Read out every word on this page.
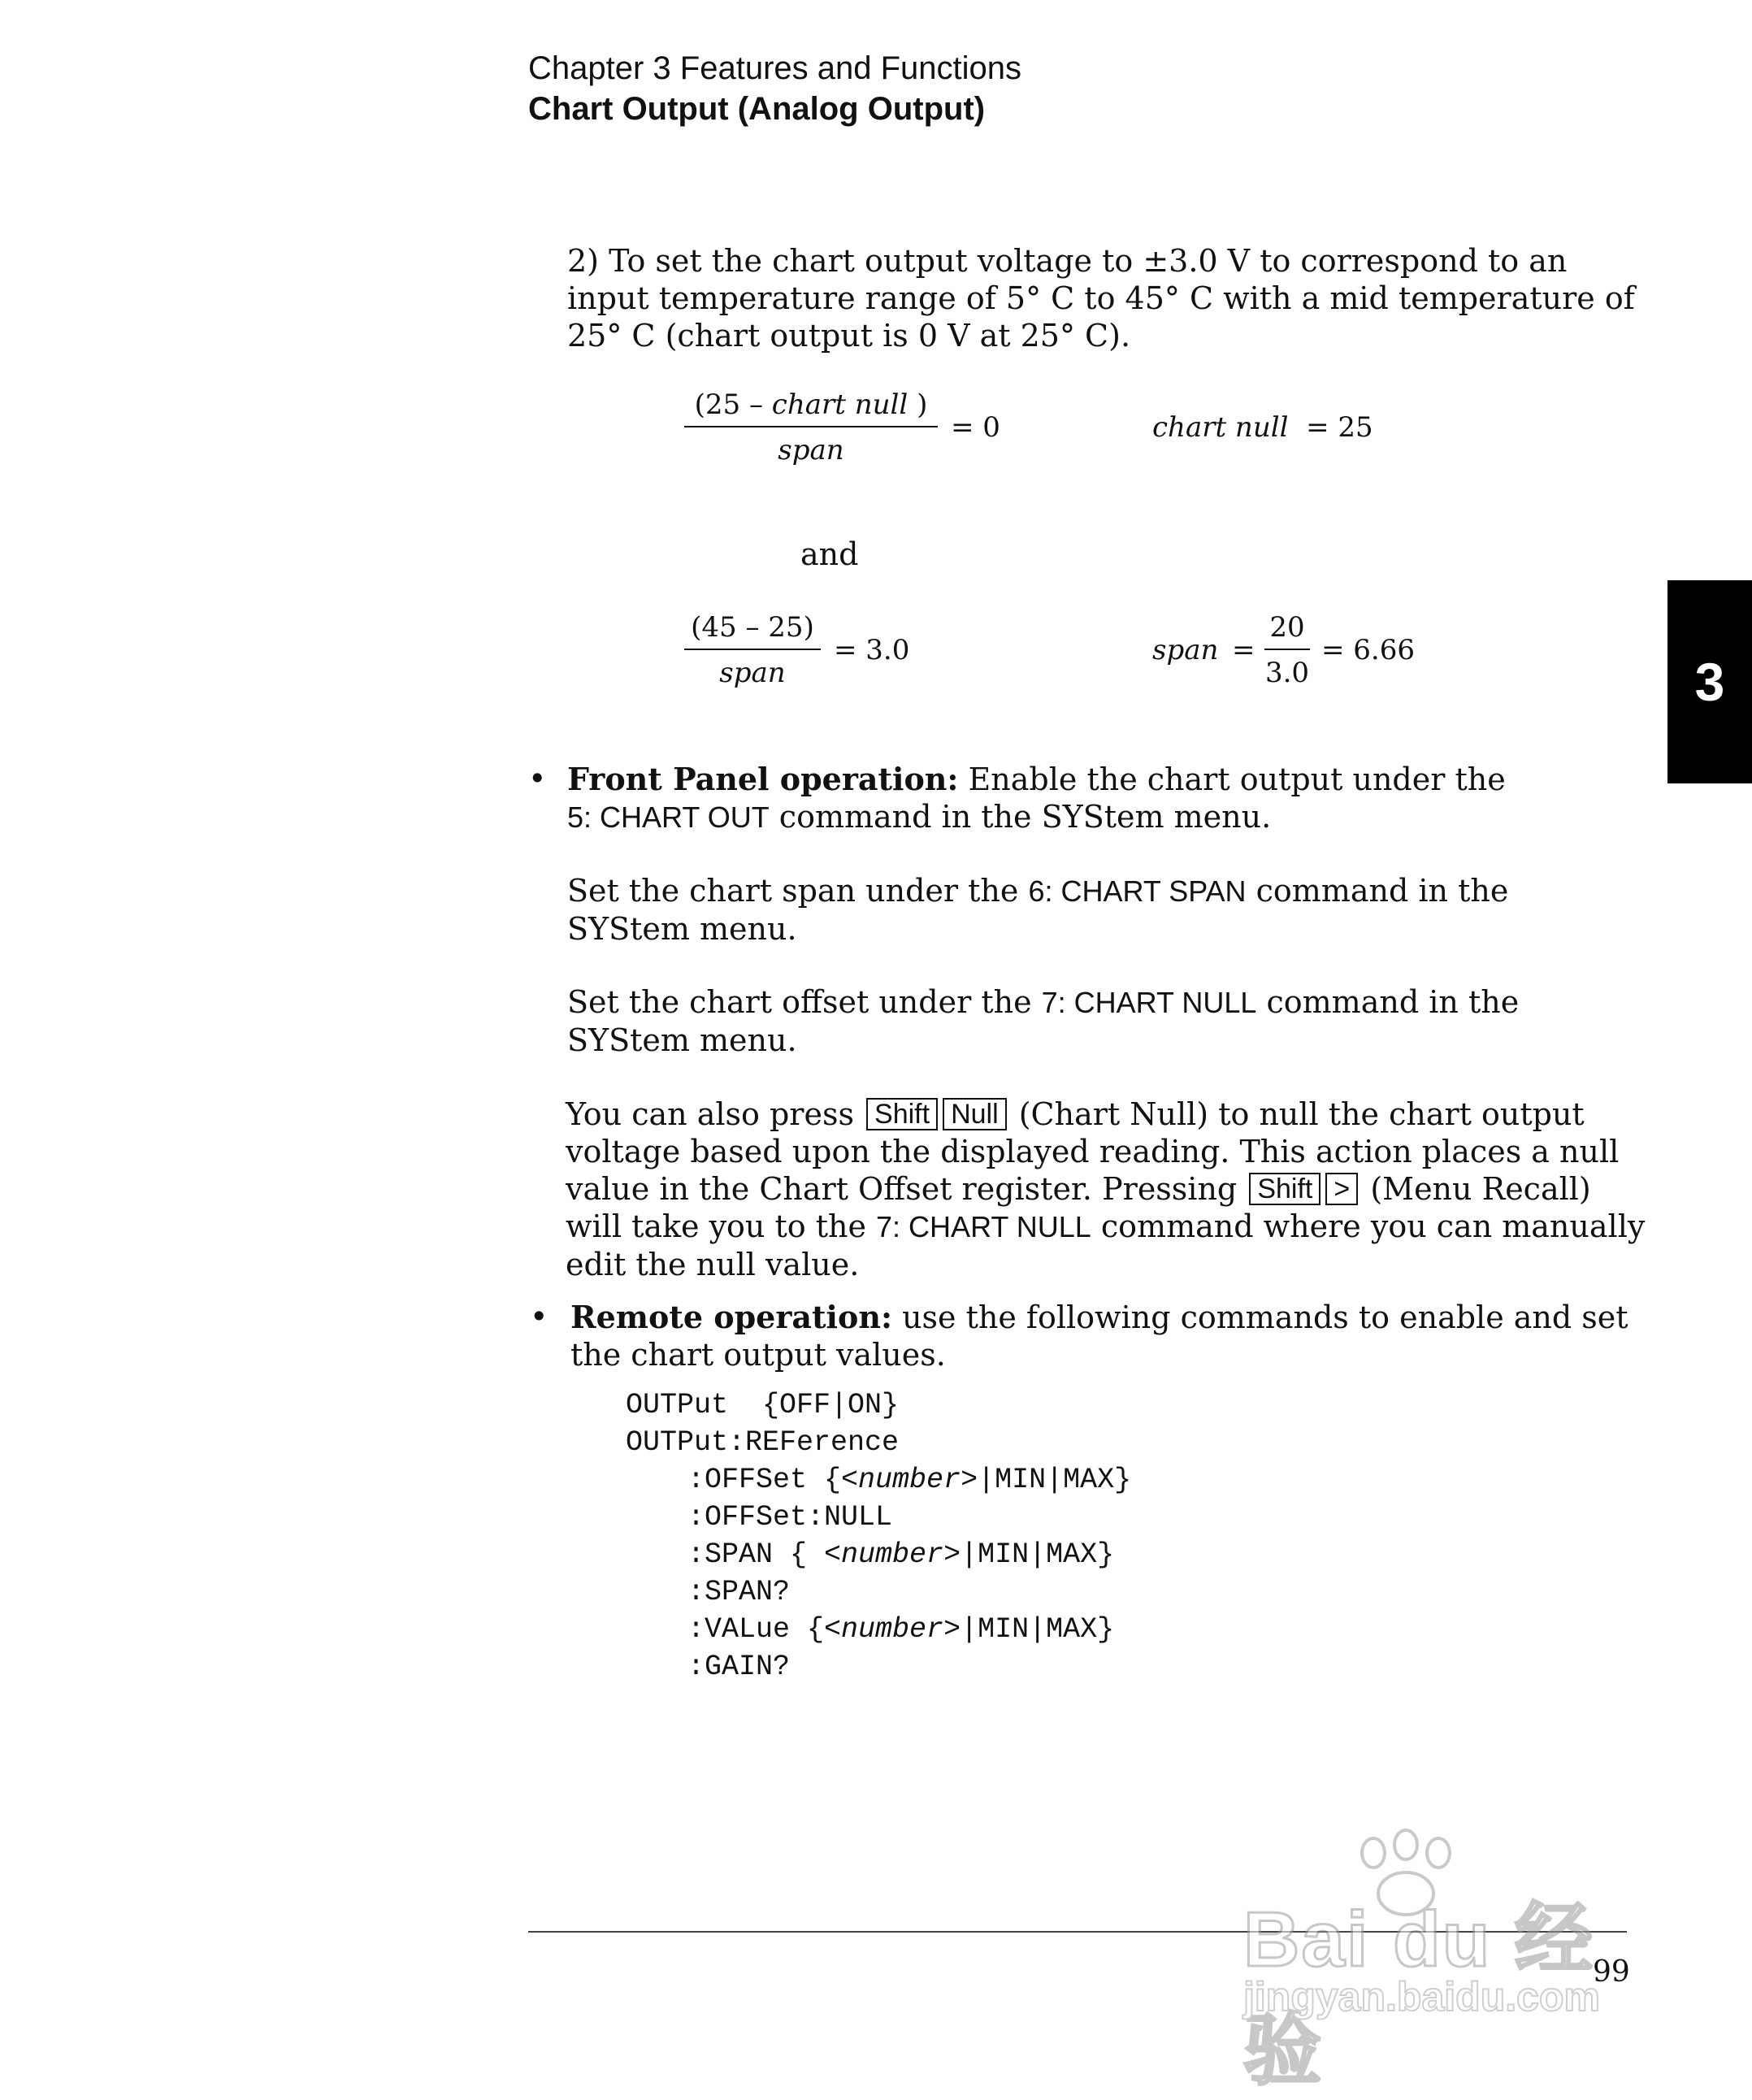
Chapter 3 Features and Functions
Chart Output (Analog Output)
2) To set the chart output voltage to ±3.0 V to correspond to an input temperature range of 5° C to 45° C with a mid temperature of 25° C (chart output is 0 V at 25° C).
(25 – chart null )
span
= 0	chart null = 25
and
(45 – 25)
span
= 3.0	span =
20
3.0
= 6.66
• Front Panel operation: Enable the chart output under the
5: CHART OUT command in the SYStem menu.
Set the chart span under the 6: CHART SPAN command in the
SYStem menu.
Set the chart offset under the 7: CHART NULL command in the
SYStem menu.
You can also press Shift Null (Chart Null) to null the chart output
voltage based upon the displayed reading. This action places a null
value in the Chart Offset register. Pressing Shift > (Menu Recall)
will take you to the 7: CHART NULL command where you can manually
edit the null value.
• Remote operation: use the following commands to enable and set
the chart output values.
OUTPut  {OFF|ON}
OUTPut:REFerence
:OFFSet {<number>|MIN|MAX}
:OFFSet:NULL
:SPAN { <number>|MIN|MAX}
:SPAN?
:VALue {<number>|MIN|MAX}
:GAIN?
3
99
Bai du 经验
jingyan.baidu.com
